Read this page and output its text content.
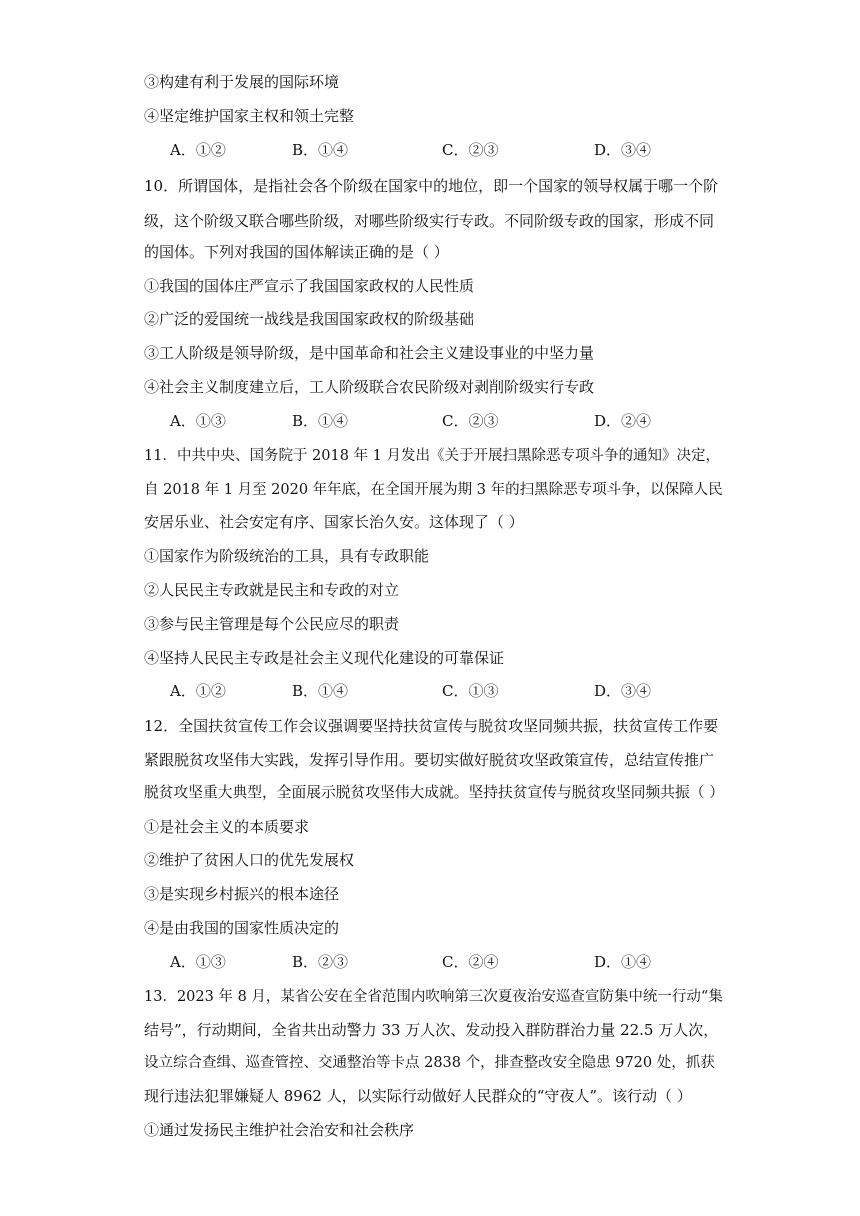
③构建有利于发展的国际环境
④坚定维护国家主权和领土完整
A．①②	B．①④	C．②③	D．③④
10．所谓国体，是指社会各个阶级在国家中的地位，即一个国家的领导权属于哪一个阶
级，这个阶级又联合哪些阶级，对哪些阶级实行专政。不同阶级专政的国家，形成不同
的国体。下列对我国的国体解读正确的是（ ）
①我国的国体庄严宣示了我国国家政权的人民性质
②广泛的爱国统一战线是我国国家政权的阶级基础
③工人阶级是领导阶级，是中国革命和社会主义建设事业的中坚力量
④社会主义制度建立后，工人阶级联合农民阶级对剥削阶级实行专政
A．①③	B．①④	C．②③	D．②④
11．中共中央、国务院于 2018 年 1 月发出《关于开展扫黑除恶专项斗争的通知》决定，
自 2018 年 1 月至 2020 年年底，在全国开展为期 3 年的扫黑除恶专项斗争，以保障人民
安居乐业、社会安定有序、国家长治久安。这体现了（ ）
①国家作为阶级统治的工具，具有专政职能
②人民民主专政就是民主和专政的对立
③参与民主管理是每个公民应尽的职责
④坚持人民民主专政是社会主义现代化建设的可靠保证
A．①②	B．①④	C．①③	D．③④
12．全国扶贫宣传工作会议强调要坚持扶贫宣传与脱贫攻坚同频共振，扶贫宣传工作要
紧跟脱贫攻坚伟大实践，发挥引导作用。要切实做好脱贫攻坚政策宣传，总结宣传推广
脱贫攻坚重大典型，全面展示脱贫攻坚伟大成就。坚持扶贫宣传与脱贫攻坚同频共振（ ）
①是社会主义的本质要求
②维护了贫困人口的优先发展权
③是实现乡村振兴的根本途径
④是由我国的国家性质决定的
A．①③	B．②③	C．②④	D．①④
13．2023 年 8 月，某省公安在全省范围内吹响第三次夏夜治安巡查宣防集中统一行动“集
结号”，行动期间，全省共出动警力 33 万人次、发动投入群防群治力量 22.5 万人次，
设立综合查缉、巡查管控、交通整治等卡点 2838 个，排查整改安全隐患 9720 处，抓获
现行违法犯罪嫌疑人 8962 人，以实际行动做好人民群众的“守夜人”。该行动（ ）
①通过发扬民主维护社会治安和社会秩序
